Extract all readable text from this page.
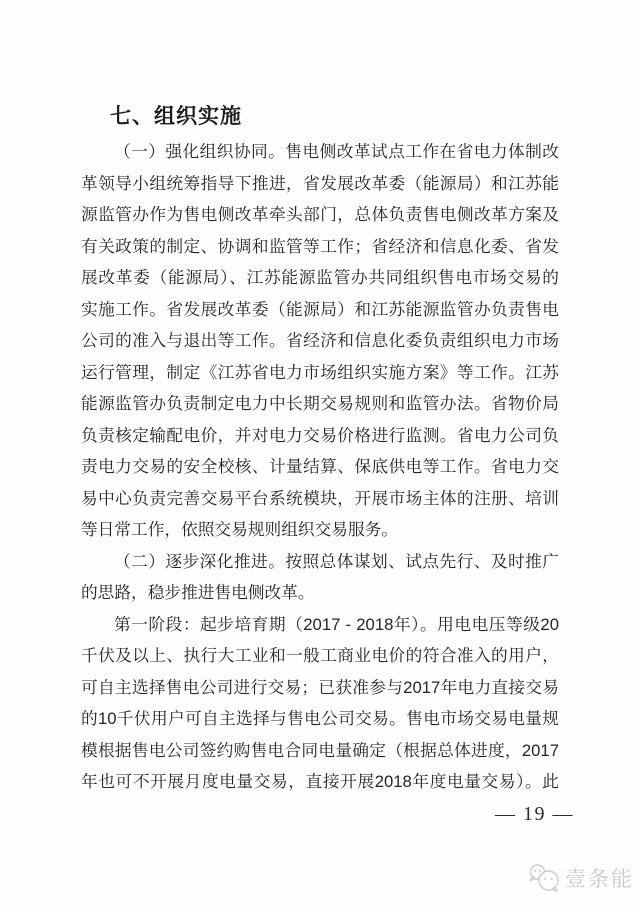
七、组织实施
（一）强化组织协同。售电侧改革试点工作在省电力体制改
革领导小组统筹指导下推进，省发展改革委（能源局）和江苏能
源监管办作为售电侧改革牵头部门，总体负责售电侧改革方案及
有关政策的制定、协调和监管等工作；省经济和信息化委、省发
展改革委（能源局）、江苏能源监管办共同组织售电市场交易的
实施工作。省发展改革委（能源局）和江苏能源监管办负责售电
公司的准入与退出等工作。省经济和信息化委负责组织电力市场
运行管理，制定《江苏省电力市场组织实施方案》等工作。江苏
能源监管办负责制定电力中长期交易规则和监管办法。省物价局
负责核定输配电价，并对电力交易价格进行监测。省电力公司负
责电力交易的安全校核、计量结算、保底供电等工作。省电力交
易中心负责完善交易平台系统模块，开展市场主体的注册、培训
等日常工作，依照交易规则组织交易服务。
（二）逐步深化推进。按照总体谋划、试点先行、及时推广
的思路，稳步推进售电侧改革。
第一阶段：起步培育期（2017 - 2018年）。用电电压等级20
千伏及以上、执行大工业和一般工商业电价的符合准入的用户，
可自主选择售电公司进行交易；已获准参与2017年电力直接交易
的10千伏用户可自主选择与售电公司交易。售电市场交易电量规
模根据售电公司签约购售电合同电量确定（根据总体进度，2017
年也可不开展月度电量交易，直接开展2018年度电量交易）。此
— 19 —
壹条能
